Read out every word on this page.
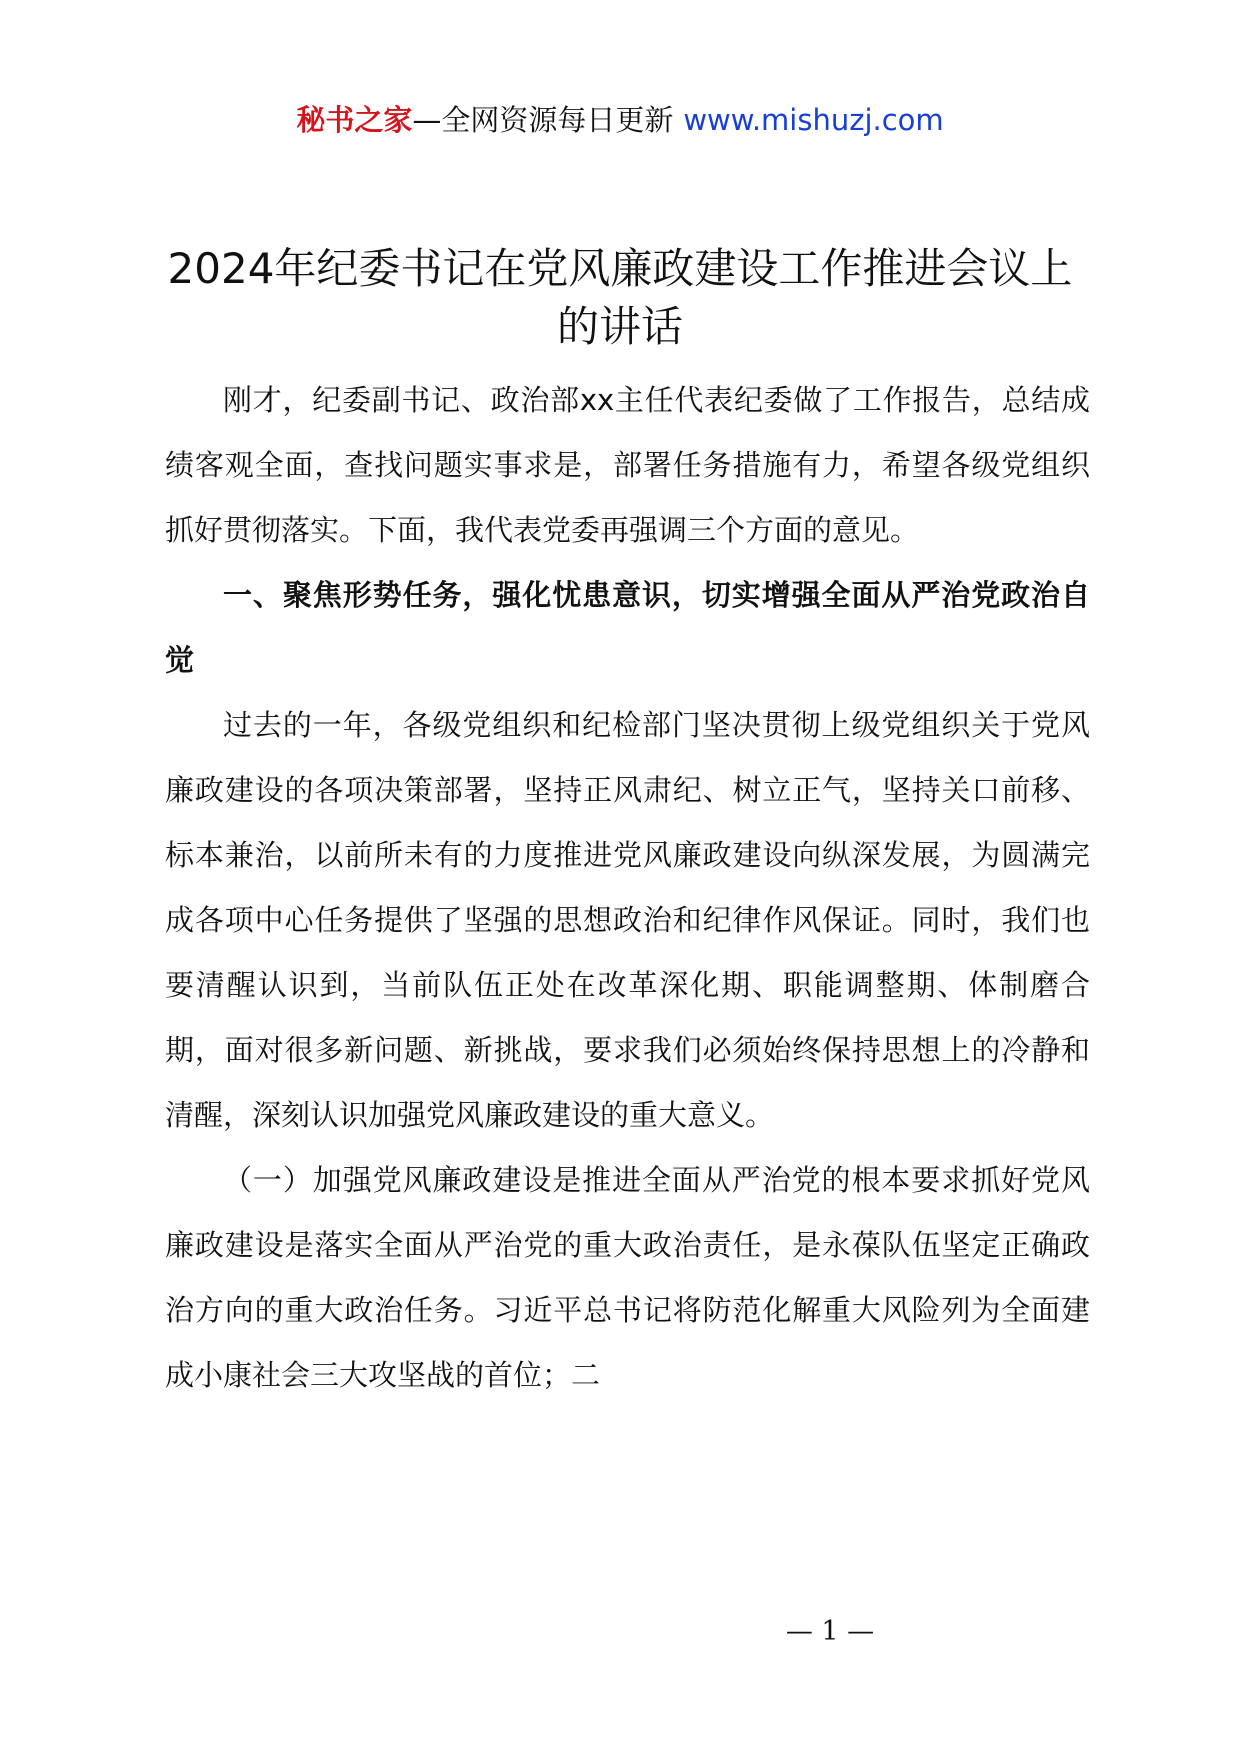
秘书之家—全网资源每日更新 www.mishuzj.com
2024年纪委书记在党风廉政建设工作推进会议上的讲话

刚才，纪委副书记、政治部xx主任代表纪委做了工作报告，总结成绩客观全面，查找问题实事求是，部署任务措施有力，希望各级党组织抓好贯彻落实。下面，我代表党委再强调三个方面的意见。

一、聚焦形势任务，强化忧患意识，切实增强全面从严治党政治自觉

过去的一年，各级党组织和纪检部门坚决贯彻上级党组织关于党风廉政建设的各项决策部署，坚持正风肃纪、树立正气，坚持关口前移、标本兼治，以前所未有的力度推进党风廉政建设向纵深发展，为圆满完成各项中心任务提供了坚强的思想政治和纪律作风保证。同时，我们也要清醒认识到，当前队伍正处在改革深化期、职能调整期、体制磨合期，面对很多新问题、新挑战，要求我们必须始终保持思想上的冷静和清醒，深刻认识加强党风廉政建设的重大意义。

（一）加强党风廉政建设是推进全面从严治党的根本要求抓好党风廉政建设是落实全面从严治党的重大政治责任，是永葆队伍坚定正确政治方向的重大政治任务。习近平总书记将防范化解重大风险列为全面建成小康社会三大攻坚战的首位；二

— 1 —
